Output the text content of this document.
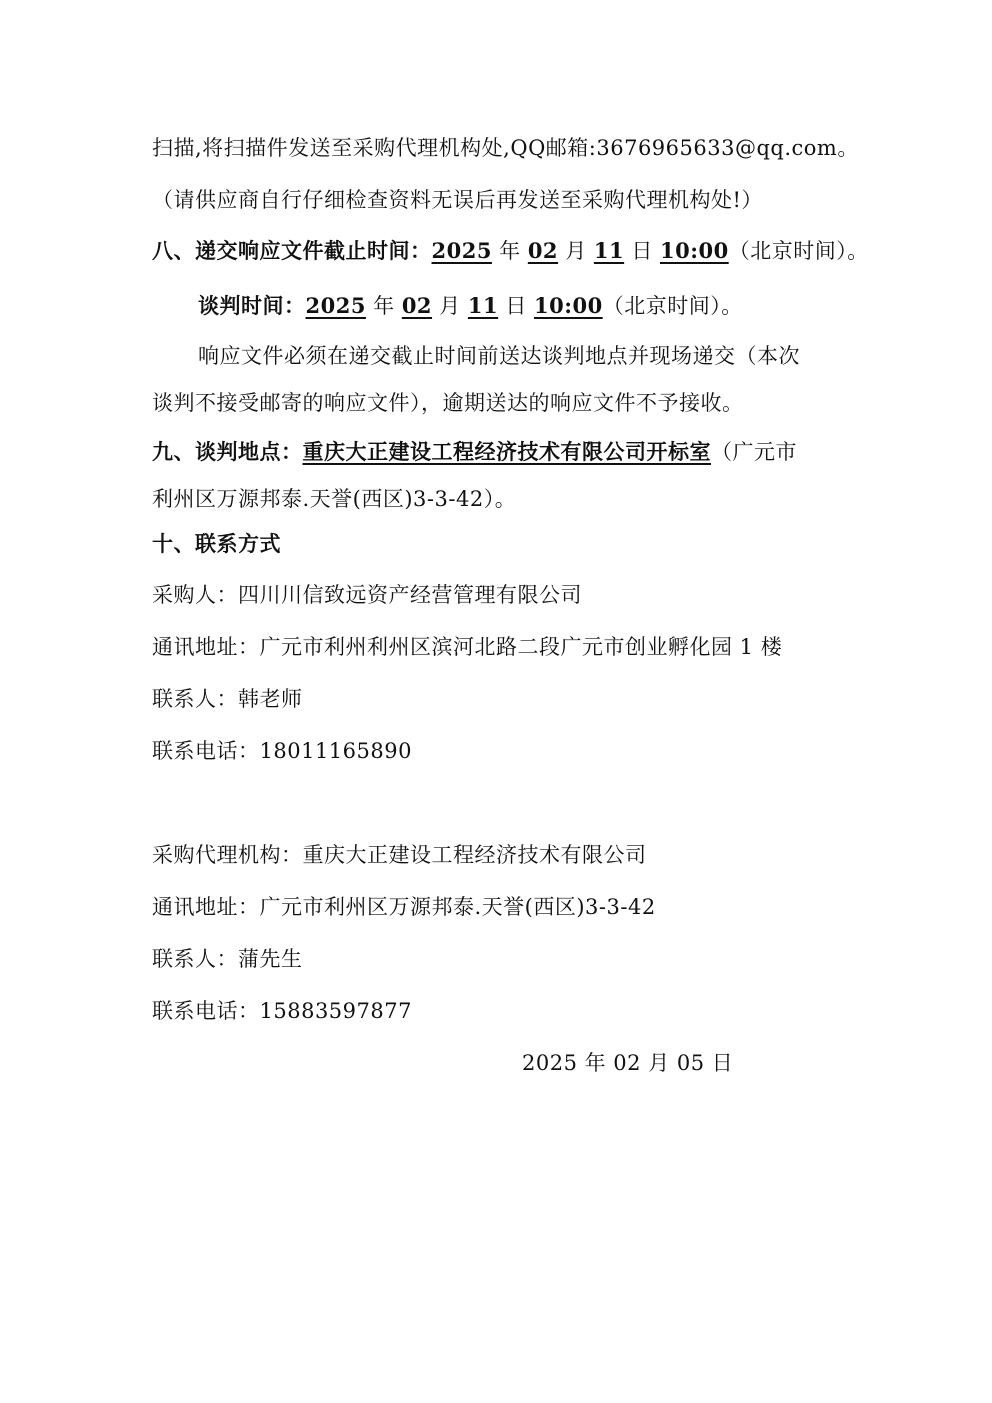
扫描,将扫描件发送至采购代理机构处,QQ邮箱:3676965633@qq.com。
（请供应商自行仔细检查资料无误后再发送至采购代理机构处!）
八、递交响应文件截止时间：2025 年 02 月 11 日 10:00（北京时间）。
谈判时间：2025 年 02 月 11 日 10:00（北京时间）。
响应文件必须在递交截止时间前送达谈判地点并现场递交（本次
谈判不接受邮寄的响应文件），逾期送达的响应文件不予接收。
九、谈判地点：重庆大正建设工程经济技术有限公司开标室（广元市
利州区万源邦泰.天誉(西区)3-3-42）。
十、联系方式
采购人：四川川信致远资产经营管理有限公司
通讯地址：广元市利州利州区滨河北路二段广元市创业孵化园 1 楼
联系人：韩老师
联系电话：18011165890
采购代理机构：重庆大正建设工程经济技术有限公司
通讯地址：广元市利州区万源邦泰.天誉(西区)3-3-42
联系人：蒲先生
联系电话：15883597877
2025 年 02 月 05 日
